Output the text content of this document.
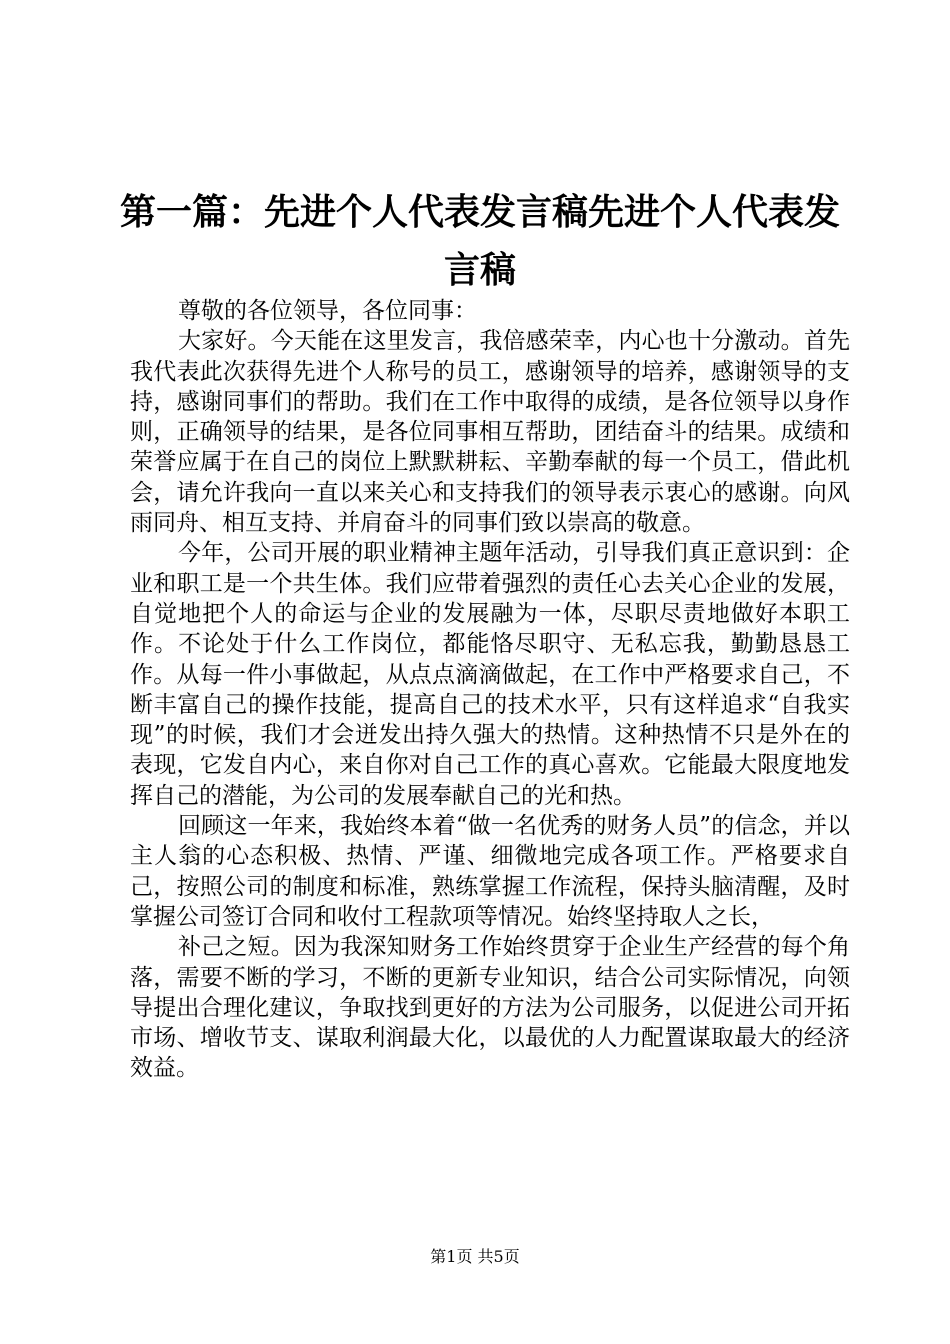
第一篇：先进个人代表发言稿先进个人代表发言稿

尊敬的各位领导，各位同事：

大家好。今天能在这里发言，我倍感荣幸，内心也十分激动。首先我代表此次获得先进个人称号的员工，感谢领导的培养，感谢领导的支持，感谢同事们的帮助。我们在工作中取得的成绩，是各位领导以身作则，正确领导的结果，是各位同事相互帮助，团结奋斗的结果。成绩和荣誉应属于在自己的岗位上默默耕耘、辛勤奉献的每一个员工，借此机会，请允许我向一直以来关心和支持我们的领导表示衷心的感谢。向风雨同舟、相互支持、并肩奋斗的同事们致以崇高的敬意。

今年，公司开展的职业精神主题年活动，引导我们真正意识到：企业和职工是一个共生体。我们应带着强烈的责任心去关心企业的发展，自觉地把个人的命运与企业的发展融为一体，尽职尽责地做好本职工作。不论处于什么工作岗位，都能恪尽职守、无私忘我，勤勤恳恳工作。从每一件小事做起，从点点滴滴做起，在工作中严格要求自己，不断丰富自己的操作技能，提高自己的技术水平，只有这样追求“自我实现”的时候，我们才会迸发出持久强大的热情。这种热情不只是外在的表现，它发自内心，来自你对自己工作的真心喜欢。它能最大限度地发挥自己的潜能，为公司的发展奉献自己的光和热。

回顾这一年来，我始终本着“做一名优秀的财务人员”的信念，并以主人翁的心态积极、热情、严谨、细微地完成各项工作。严格要求自己，按照公司的制度和标准，熟练掌握工作流程，保持头脑清醒，及时掌握公司签订合同和收付工程款项等情况。始终坚持取人之长，

补己之短。因为我深知财务工作始终贯穿于企业生产经营的每个角落，需要不断的学习，不断的更新专业知识，结合公司实际情况，向领导提出合理化建议，争取找到更好的方法为公司服务，以促进公司开拓市场、增收节支、谋取利润最大化，以最优的人力配置谋取最大的经济效益。

第1页 共5页
